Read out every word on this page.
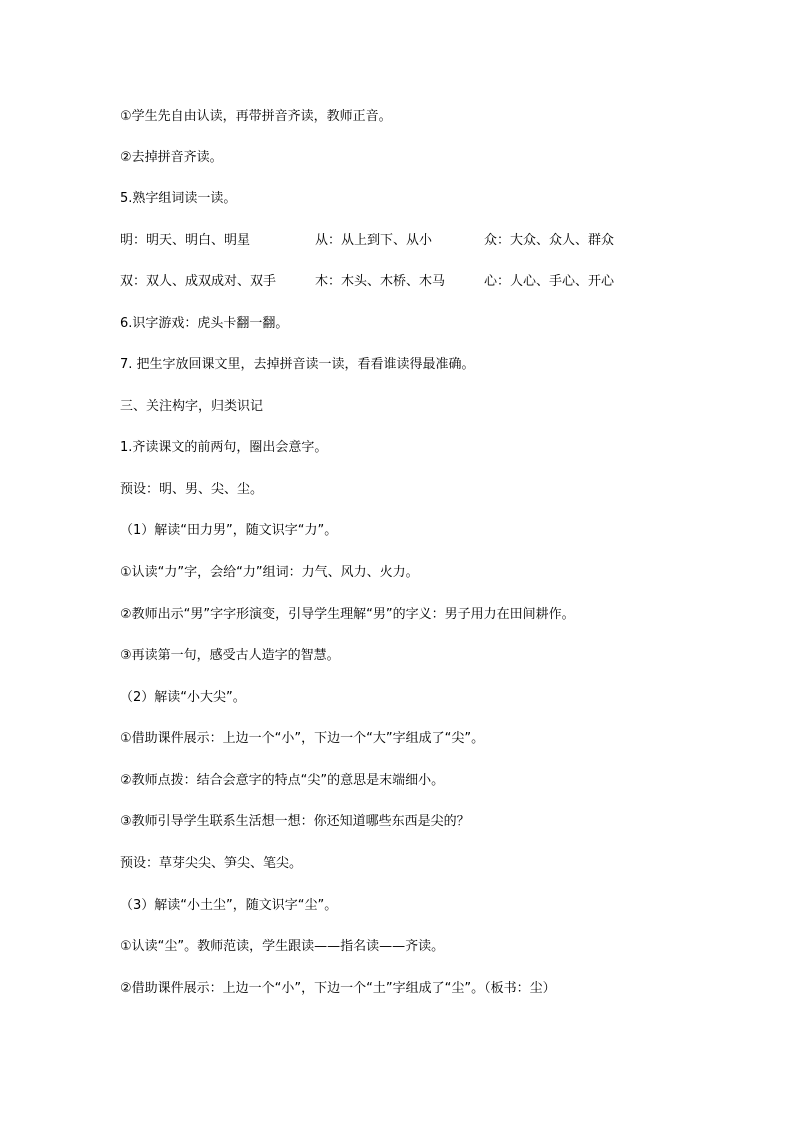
①学生先自由认读，再带拼音齐读，教师正音。
②去掉拼音齐读。
5.熟字组词读一读。
明：明天、明白、明星	从：从上到下、从小	众：大众、众人、群众
双：双人、成双成对、双手	木：木头、木桥、木马	心：人心、手心、开心
6.识字游戏：虎头卡翻一翻。
7. 把生字放回课文里，去掉拼音读一读，看看谁读得最准确。
三、关注构字，归类识记
1.齐读课文的前两句，圈出会意字。
预设：明、男、尖、尘。
（1）解读“田力男”，随文识字“力”。
①认读“力”字，会给“力”组词：力气、风力、火力。
②教师出示“男”字字形演变，引导学生理解“男”的字义：男子用力在田间耕作。
③再读第一句，感受古人造字的智慧。
（2）解读“小大尖”。
①借助课件展示：上边一个“小”，下边一个“大”字组成了“尖”。
②教师点拨：结合会意字的特点“尖”的意思是末端细小。
③教师引导学生联系生活想一想：你还知道哪些东西是尖的？
预设：草芽尖尖、笋尖、笔尖。
（3）解读“小土尘”，随文识字“尘”。
①认读“尘”。教师范读，学生跟读——指名读——齐读。
②借助课件展示：上边一个“小”，下边一个“土”字组成了“尘”。（板书：尘）
